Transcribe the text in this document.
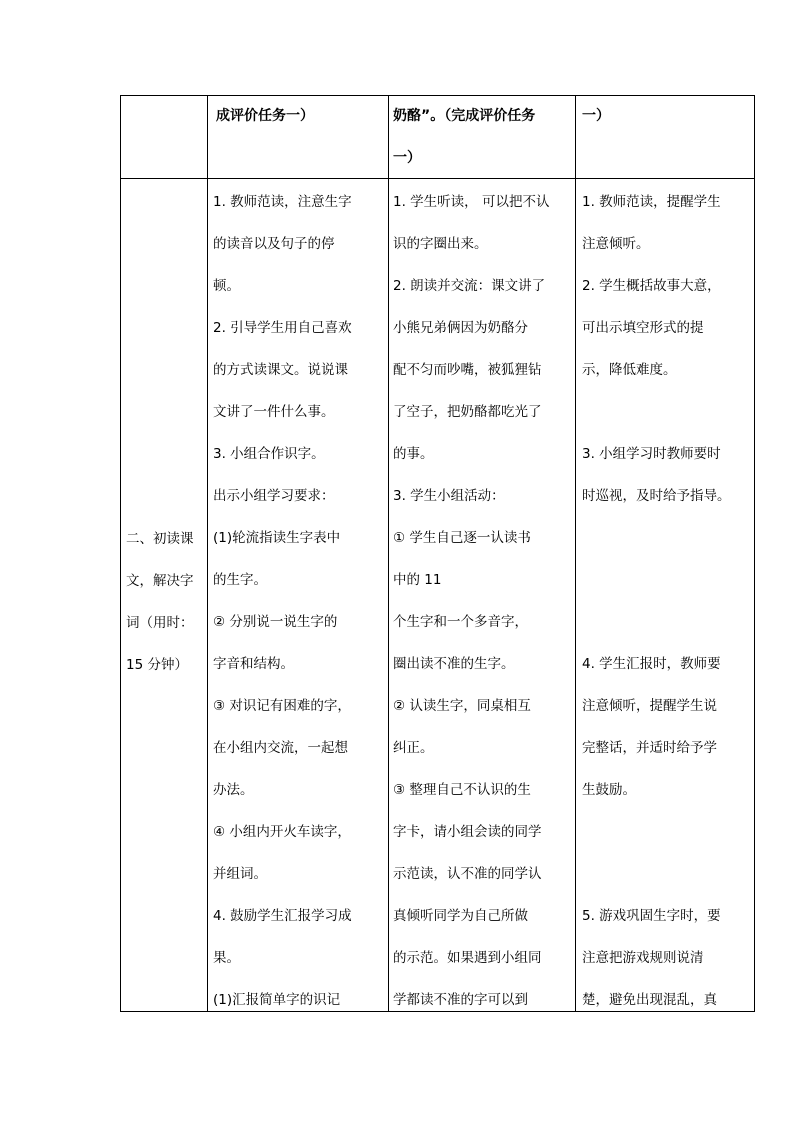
成评价任务一）	奶酪”。（完成评价任务

一）

一）

二、初读课

文，解决字

词（用时：

15 分钟）

1. 教师范读，注意生字

的读音以及句子的停

顿。

2. 引导学生用自己喜欢

的方式读课文。说说课

文讲了一件什么事。

3. 小组合作识字。

出示小组学习要求：

(1)轮流指读生字表中

的生字。

② 分别说一说生字的

字音和结构。

③ 对识记有困难的字，

在小组内交流，一起想

办法。

④ 小组内开火车读字，

并组词。

4. 鼓励学生汇报学习成

果。

(1)汇报简单字的识记

1. 学生听读， 可以把不认

识的字圈出来。

2. 朗读并交流：课文讲了

小熊兄弟俩因为奶酪分

配不匀而吵嘴，被狐狸钻

了空子，把奶酪都吃光了

的事。

3. 学生小组活动：

① 学生自己逐一认读书

中的 11

个生字和一个多音字，

圈出读不准的生字。

② 认读生字，同桌相互

纠正。

③ 整理自己不认识的生

字卡，请小组会读的同学

示范读，认不准的同学认

真倾听同学为自己所做

的示范。如果遇到小组同

学都读不准的字可以到

1. 教师范读，提醒学生

注意倾听。

2. 学生概括故事大意，

可出示填空形式的提

示，降低难度。

3. 小组学习时教师要时

时巡视，及时给予指导。

4. 学生汇报时，教师要

注意倾听，提醒学生说

完整话，并适时给予学

生鼓励。

5. 游戏巩固生字时，要

注意把游戏规则说清

楚，避免出现混乱，真
